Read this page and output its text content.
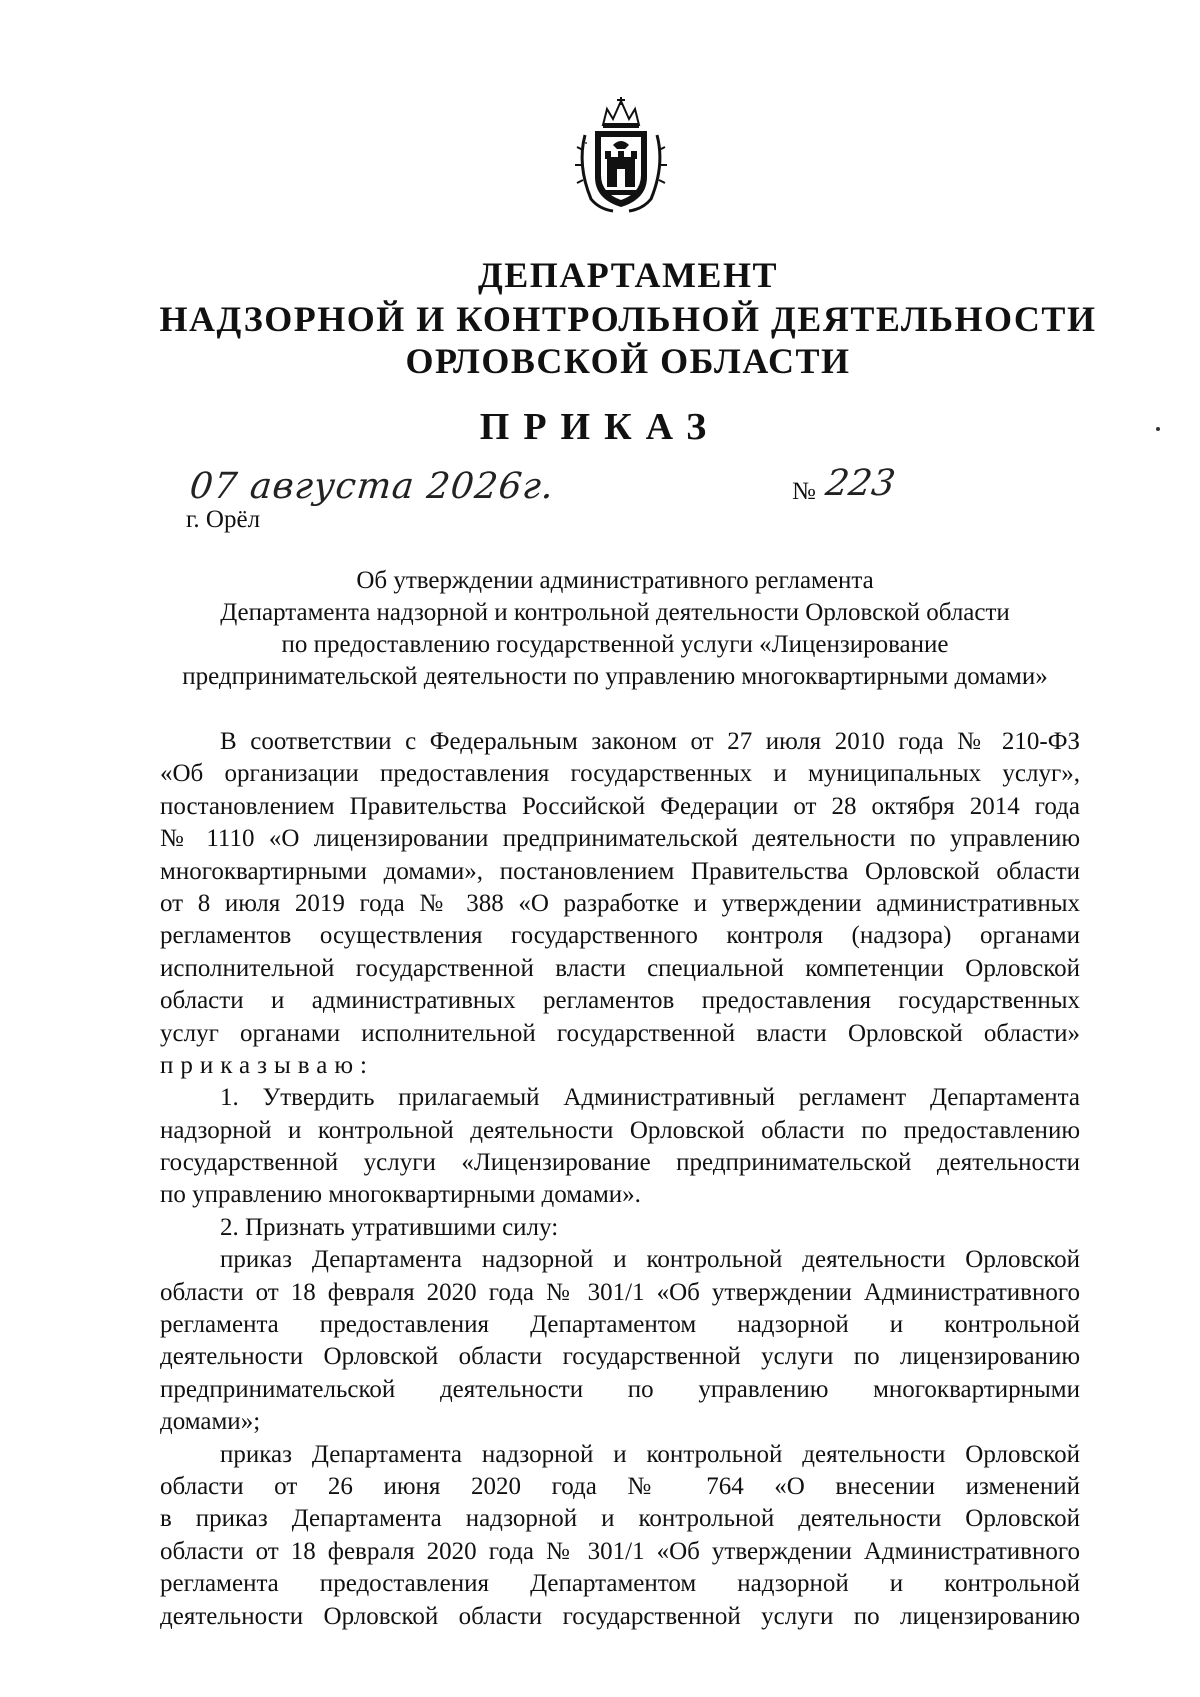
ДЕПАРТАМЕНТ
НАДЗОРНОЙ И КОНТРОЛЬНОЙ ДЕЯТЕЛЬНОСТИ
ОРЛОВСКОЙ ОБЛАСТИ
ПРИКАЗ
07 августа 2026г.
г. Орёл
№ 223
Об утверждении административного регламента
Департамента надзорной и контрольной деятельности Орловской области
по предоставлению государственной услуги «Лицензирование
предпринимательской деятельности по управлению многоквартирными домами»
В соответствии с Федеральным законом от 27 июля 2010 года № 210-ФЗ
«Об организации предоставления государственных и муниципальных услуг»,
постановлением Правительства Российской Федерации от 28 октября 2014 года
№ 1110 «О лицензировании предпринимательской деятельности по управлению
многоквартирными домами», постановлением Правительства Орловской области
от 8 июля 2019 года № 388 «О разработке и утверждении административных
регламентов осуществления государственного контроля (надзора) органами
исполнительной государственной власти специальной компетенции Орловской
области и административных регламентов предоставления государственных
услуг органами исполнительной государственной власти Орловской области»
приказываю:
1. Утвердить прилагаемый Административный регламент Департамента
надзорной и контрольной деятельности Орловской области по предоставлению
государственной услуги «Лицензирование предпринимательской деятельности
по управлению многоквартирными домами».
2. Признать утратившими силу:
приказ Департамента надзорной и контрольной деятельности Орловской
области от 18 февраля 2020 года № 301/1 «Об утверждении Административного
регламента предоставления Департаментом надзорной и контрольной
деятельности Орловской области государственной услуги по лицензированию
предпринимательской деятельности по управлению многоквартирными
домами»;
приказ Департамента надзорной и контрольной деятельности Орловской
области от 26 июня 2020 года № 764 «О внесении изменений
в приказ Департамента надзорной и контрольной деятельности Орловской
области от 18 февраля 2020 года № 301/1 «Об утверждении Административного
регламента предоставления Департаментом надзорной и контрольной
деятельности Орловской области государственной услуги по лицензированию
